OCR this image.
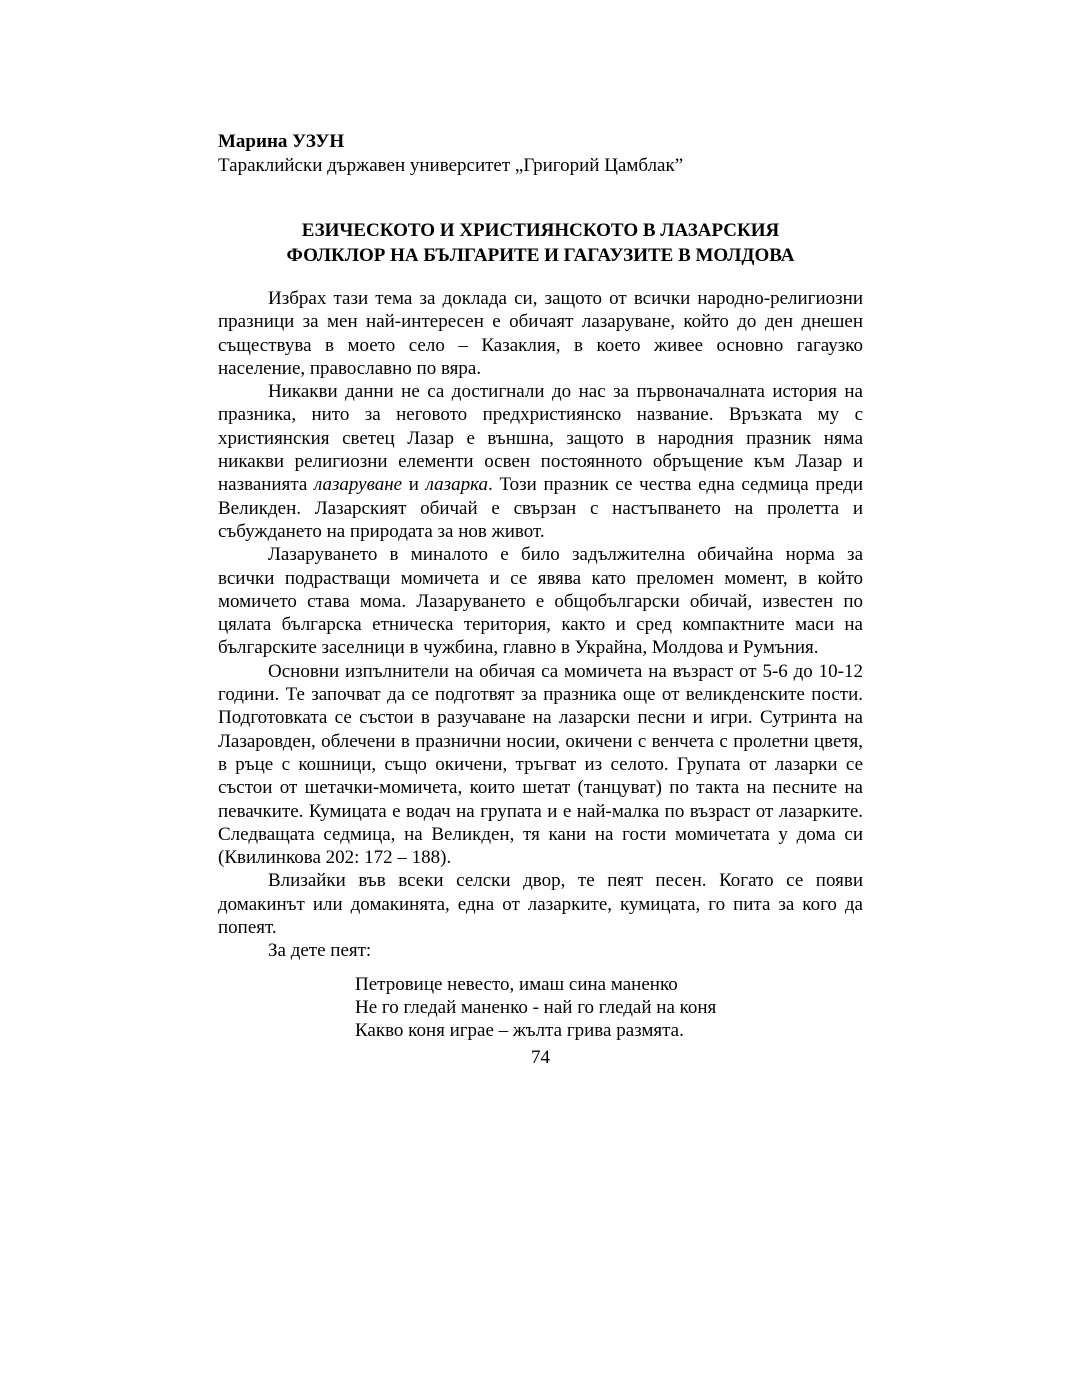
Марина УЗУН

Тараклийски държавен университет „Григорий Цамблак”

ЕЗИЧЕСКОТО И ХРИСТИЯНСКОТО В ЛАЗАРСКИЯ
ФОЛКЛОР НА БЪЛГАРИТЕ И ГАГАУЗИТЕ В МОЛДОВА

Избрах тази тема за доклада си, защото от всички народно-религиозни празници за мен най-интересен е обичаят лазаруване, който до ден днешен съществува в моето село – Казаклия, в което живее основно гагаузко население, православно по вяра.

Никакви данни не са достигнали до нас за първоначалната история на празника, нито за неговото предхристиянско название. Връзката му с християнския светец Лазар е външна, защото в народния празник няма никакви религиозни елементи освен постоянното обръщение към Лазар и названията лазаруване и лазарка. Този празник се чества една седмица преди Великден. Лазарският обичай е свързан с настъпването на пролетта и събуждането на природата за нов живот.

Лазаруването в миналото е било задължителна обичайна норма за всички подрастващи момичета и се явява като преломен момент, в който момичето става мома. Лазаруването е общобългарски обичай, известен по цялата българска етническа територия, както и сред компактните маси на българските заселници в чужбина, главно в Украйна, Молдова и Румъния.

Основни изпълнители на обичая са момичета на възраст от 5-6 до 10-12 години. Те започват да се подготвят за празника още от великденските пости. Подготовката се състои в разучаване на лазарски песни и игри. Сутринта на Лазаровден, облечени в празнични носии, окичени с венчета с пролетни цветя, в ръце с кошници, също окичени, тръгват из селото. Групата от лазарки се състои от шетачки-момичета, които шетат (танцуват) по такта на песните на певачките. Кумицата е водач на групата и е най-малка по възраст от лазарките. Следващата седмица, на Великден, тя кани на гости момичетата у дома си (Квилинкова 202: 172 – 188).

Влизайки във всеки селски двор, те пеят песен. Когато се появи домакинът или домакинята, една от лазарките, кумицата, го пита за кого да попеят.

За дете пеят:

Петровице невесто, имаш сина маненко
Не го гледай маненко - най го гледай на коня
Какво коня играе – жълта грива размята.
74
